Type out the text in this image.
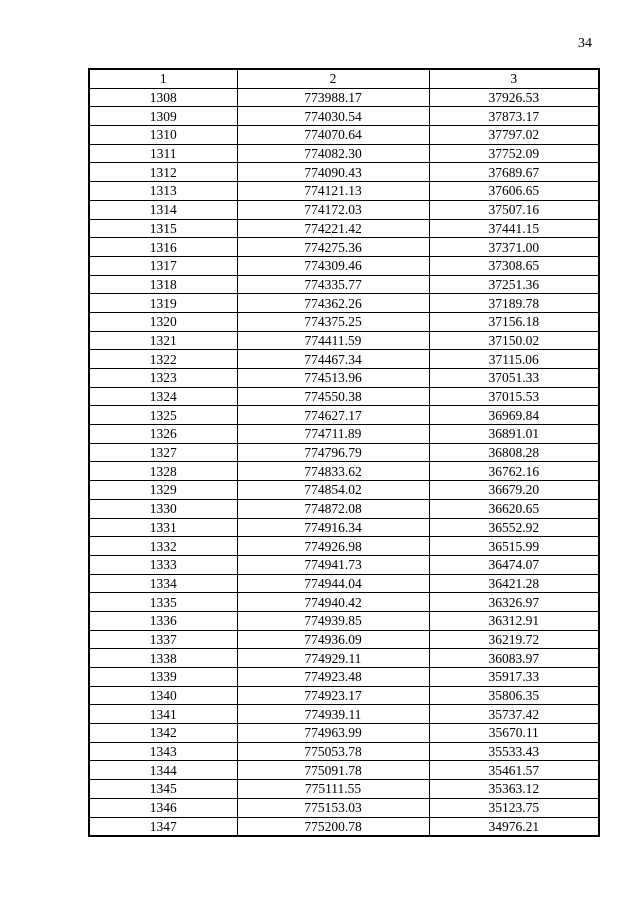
34
1	2	3
1308	773988.17	37926.53
1309	774030.54	37873.17
1310	774070.64	37797.02
1311	774082.30	37752.09
1312	774090.43	37689.67
1313	774121.13	37606.65
1314	774172.03	37507.16
1315	774221.42	37441.15
1316	774275.36	37371.00
1317	774309.46	37308.65
1318	774335.77	37251.36
1319	774362.26	37189.78
1320	774375.25	37156.18
1321	774411.59	37150.02
1322	774467.34	37115.06
1323	774513.96	37051.33
1324	774550.38	37015.53
1325	774627.17	36969.84
1326	774711.89	36891.01
1327	774796.79	36808.28
1328	774833.62	36762.16
1329	774854.02	36679.20
1330	774872.08	36620.65
1331	774916.34	36552.92
1332	774926.98	36515.99
1333	774941.73	36474.07
1334	774944.04	36421.28
1335	774940.42	36326.97
1336	774939.85	36312.91
1337	774936.09	36219.72
1338	774929.11	36083.97
1339	774923.48	35917.33
1340	774923.17	35806.35
1341	774939.11	35737.42
1342	774963.99	35670.11
1343	775053.78	35533.43
1344	775091.78	35461.57
1345	775111.55	35363.12
1346	775153.03	35123.75
1347	775200.78	34976.21
